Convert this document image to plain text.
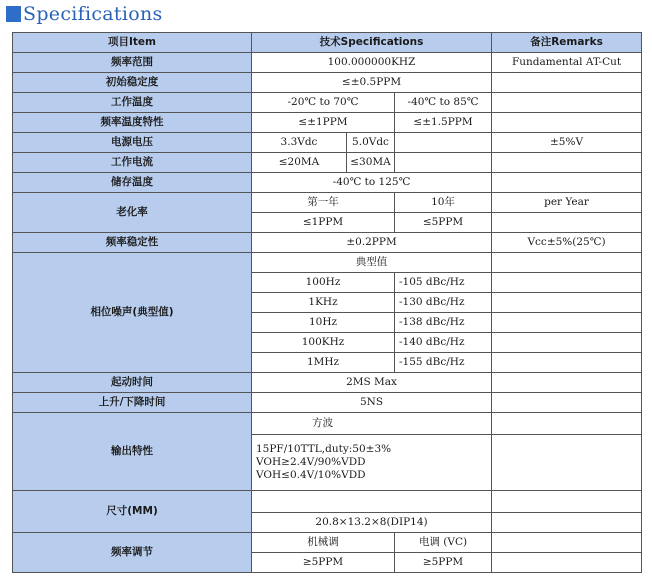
Specifications
项目Item	技术Specifications			备注Remarks
频率范围	100.000000KHZ			Fundamental AT-Cut
初始稳定度	≤±0.5PPM			
工作温度	-20℃ to 70℃		-40℃ to 85℃	
频率温度特性	≤±1PPM		≤±1.5PPM	
电源电压	3.3Vdc	5.0Vdc		±5%V
工作电流	≤20MA	≤30MA		
储存温度	-40℃ to 125℃			
老化率	第一年		10年	per Year
	≤1PPM		≤5PPM	
频率稳定性	±0.2PPM			Vcc±5%(25℃)
相位噪声(典型值)	典型值			
	100Hz		-105 dBc/Hz	
	1KHz		-130 dBc/Hz	
	10Hz		-138 dBc/Hz	
	100KHz		-140 dBc/Hz	
	1MHz		-155 dBc/Hz	
起动时间	2MS Max			
上升/下降时间	5NS			
输出特性	方波			
	15PF/10TTL,duty:50±3%
VOH≥2.4V/90%VDD
VOH≤0.4V/10%VDD			
尺寸(MM)				
	20.8×13.2×8(DIP14)			
频率调节	机械调		电调 (VC)	
	≥5PPM		≥5PPM	
